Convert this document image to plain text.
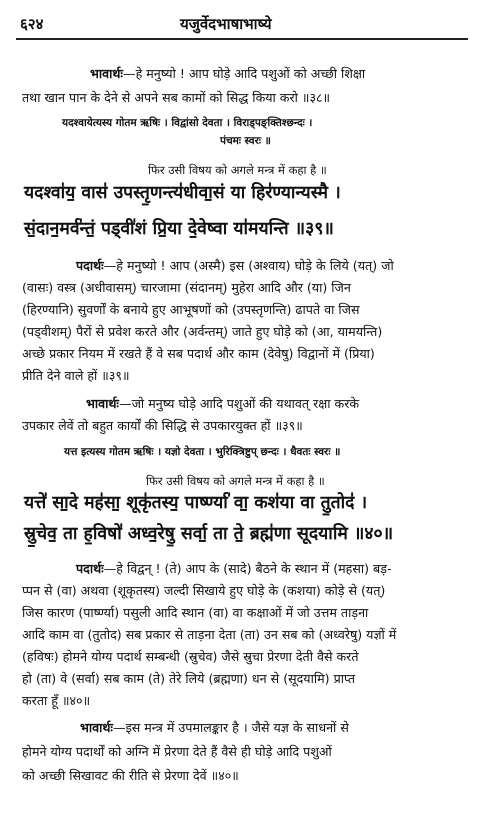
६२४	यजुर्वेदभाषाभाष्ये
भावार्थः—हे मनुष्यो ! आप घोड़े आदि पशुओं को अच्छी शिक्षा
तथा खान पान के देने से अपने सब कामों को सिद्ध किया करो ॥३८॥
यदश्वायेत्यस्य गोतम ऋषिः । विद्वांसो देवता । विराड्पङ्क्तिश्छन्दः ।
पंचमः स्वरः ॥
फिर उसी विषय को अगले मन्त्र में कहा है ॥
यदश्वा॑य॒ वास॑ उपस्तृ॒णन्त्य॑धीवा॒सं या हिर॑ण्यान्यस्मै ।
सं॒दान॒मर्व॑न्तं॒ पड्वी॑शं प्रि॒या दे॒वेष्वा या॑मयन्ति ॥३९॥
पदार्थः—हे मनुष्यो ! आप (अस्मै) इस (अश्वाय) घोड़े के लिये (यत्) जो
(वासः) वस्त्र (अधीवासम्) चारजामा (संदानम्) मुहेरा आदि और (या) जिन
(हिरण्यानि) सुवर्णों के बनाये हुए आभूषणों को (उपस्तृणन्ति) ढापते वा जिस
(पड्वीशम्) पैरों से प्रवेश करते और (अर्वन्तम्) जाते हुए घोड़े को (आ, यामयन्ति)
अच्छे प्रकार नियम में रखते हैं वे सब पदार्थ और काम (देवेषु) विद्वानों में (प्रिया)
प्रीति देने वाले हों ॥३९॥
भावार्थः—जो मनुष्य घोड़े आदि पशुओं की यथावत् रक्षा करके
उपकार लेवें तो बहुत कार्यों की सिद्धि से उपकारयुक्त हों ॥३९॥
यत्त इत्यस्य गोतम ऋषिः । यज्ञो देवता । भुरिक्त्रिष्टुप् छन्दः । धैवतः स्वरः ॥
फिर उसी विषय को अगले मन्त्र में कहा है ॥
यत्ते॑ सा॒दे मह॑सा॒ शूकृ॑तस्य॒ पार्ष्ण्या॑ वा॒ कश॑या वा तु॒तोद॑ ।
स्रु॒चेव॒ ता ह॒विषो॑ अध्व॒रेषु॒ सर्वा॒ ता ते॒ ब्रह्म॑णा सूदयामि ॥४०॥
पदार्थः—हे विद्वन् ! (ते) आप के (सादे) बैठने के स्थान में (महसा) बड़-
प्पन से (वा) अथवा (शूकृतस्य) जल्दी सिखाये हुए घोड़े के (कशया) कोड़े से (यत्)
जिस कारण (पार्ष्ण्या) पसुली आदि स्थान (वा) वा कक्षाओं में जो उत्तम ताड़ना
आदि काम वा (तुतोद) सब प्रकार से ताड़ना देता (ता) उन सब को (अध्वरेषु) यज्ञों में
(हविषः) होमने योग्य पदार्थ सम्बन्धी (स्रुचेव) जैसे स्रुचा प्रेरणा देती वैसे करते
हो (ता) वे (सर्वा) सब काम (ते) तेरे लिये (ब्रह्मणा) धन से (सूदयामि) प्राप्त
करता हूँ ॥४०॥
भावार्थः—इस मन्त्र में उपमालङ्कार है । जैसे यज्ञ के साधनों से
होमने योग्य पदार्थों को अग्नि में प्रेरणा देते हैं वैसे ही घोड़े आदि पशुओं
को अच्छी सिखावट की रीति से प्रेरणा देवें ॥४०॥
